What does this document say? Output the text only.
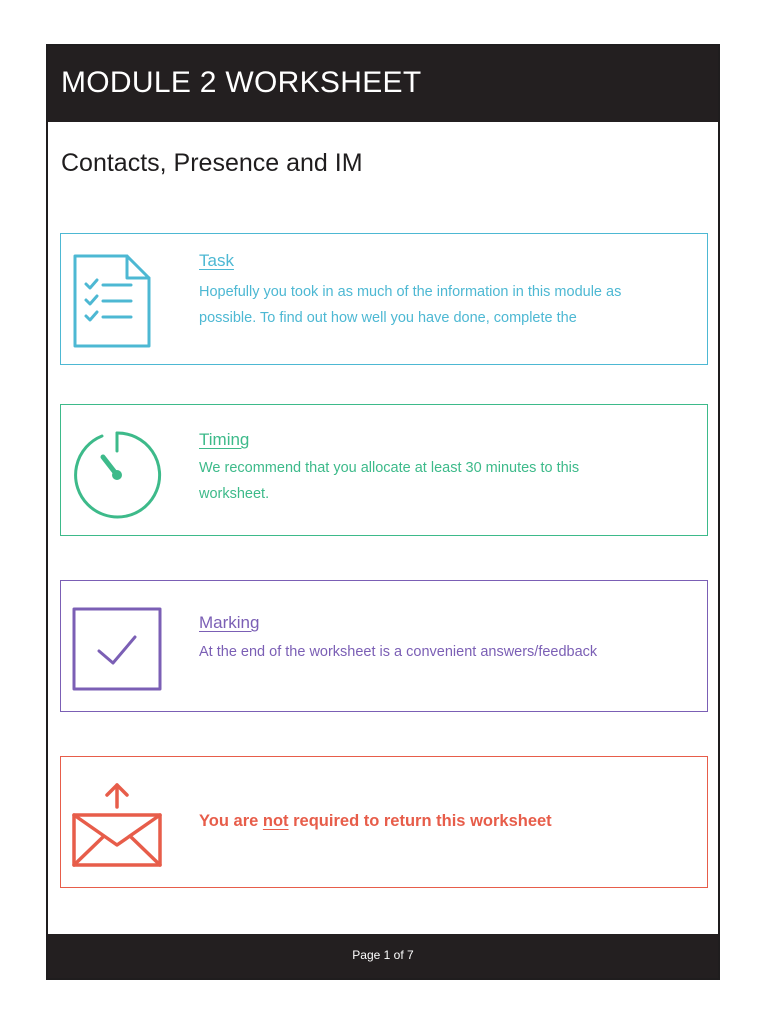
MODULE 2 WORKSHEET
Contacts, Presence and IM
Task
Hopefully you took in as much of the information in this module as possible. To find out how well you have done, complete the
Timing
We recommend that you allocate at least 30 minutes to this worksheet.
Marking
At the end of the worksheet is a convenient answers/feedback
You are not required to return this worksheet
Page 1 of 7
